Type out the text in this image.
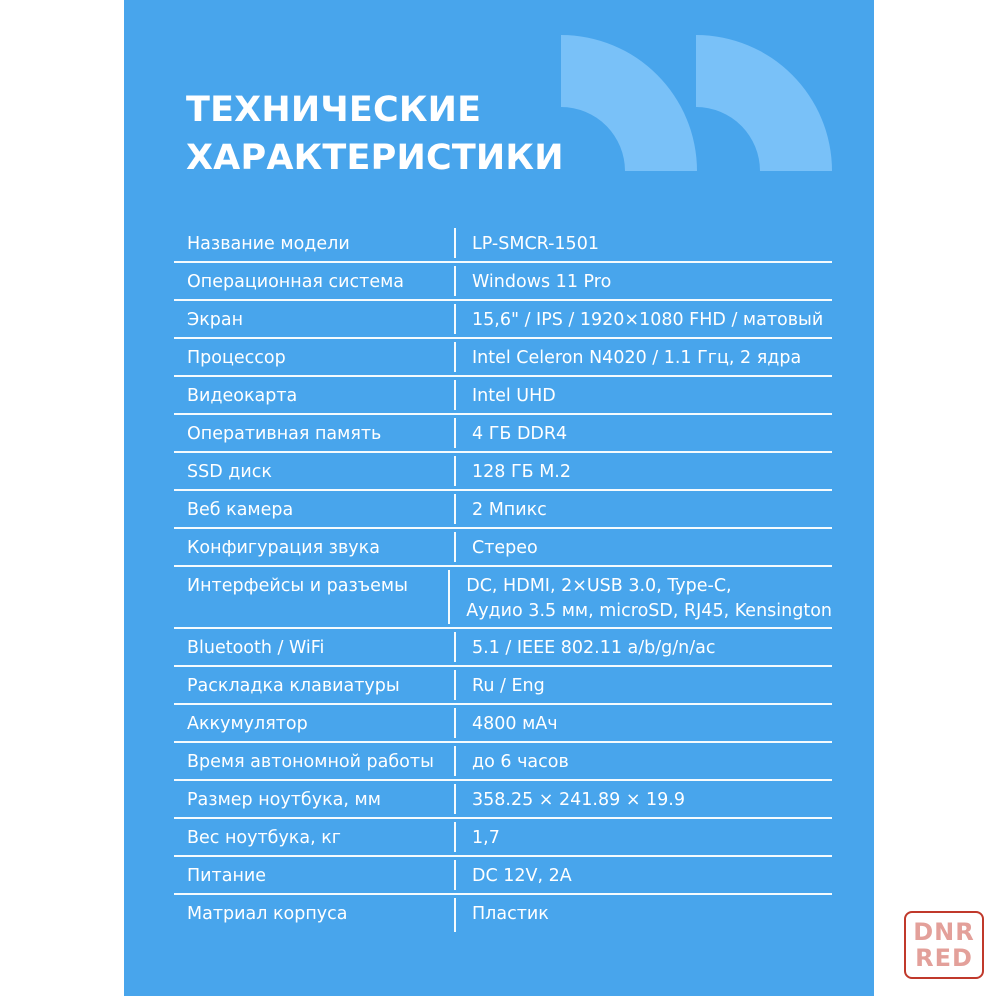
ТЕХНИЧЕСКИЕ
ХАРАКТЕРИСТИКИ
Название модели	LP-SMCR-1501
Операционная система	Windows 11 Pro
Экран	15,6" / IPS / 1920×1080 FHD / матовый
Процессор	Intel Celeron N4020 / 1.1 Ггц, 2 ядра
Видеокарта	Intel UHD
Оперативная память	4 ГБ DDR4
SSD диск	128 ГБ M.2
Веб камера	2 Мпикс
Конфигурация звука	Стерео
Интерфейсы и разъемы	DC, HDMI, 2×USB 3.0, Type-C,
Аудио 3.5 мм, microSD, RJ45, Kensington
Bluetooth / WiFi	5.1 / IEEE 802.11 a/b/g/n/ac
Раскладка клавиатуры	Ru / Eng
Аккумулятор	4800 мАч
Время автономной работы	до 6 часов
Размер ноутбука, мм	358.25 × 241.89 × 19.9
Вес ноутбука, кг	1,7
Питание	DC 12V, 2A
Матриал корпуса	Пластик
DNR
RED
